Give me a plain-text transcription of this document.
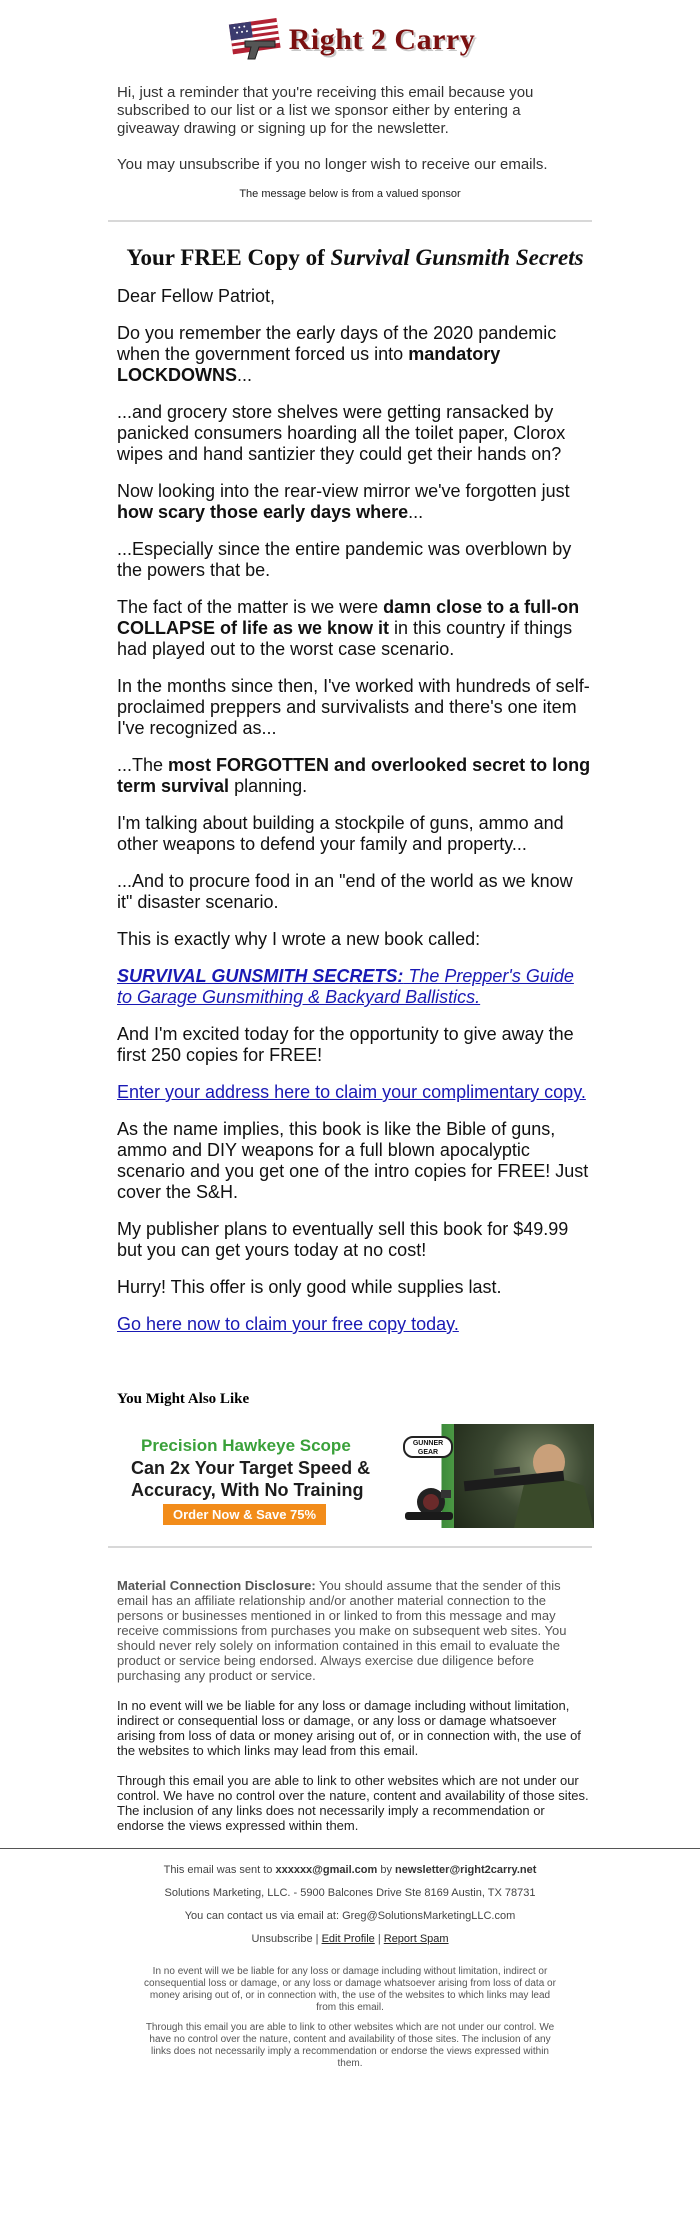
Right 2 Carry

Hi, just a reminder that you're receiving this email because you subscribed to our list or a list we sponsor either by entering a giveaway drawing or signing up for the newsletter.

You may unsubscribe if you no longer wish to receive our emails.

The message below is from a valued sponsor
Your FREE Copy of Survival Gunsmith Secrets

Dear Fellow Patriot,

Do you remember the early days of the 2020 pandemic when the government forced us into mandatory LOCKDOWNS...

...and grocery store shelves were getting ransacked by panicked consumers hoarding all the toilet paper, Clorox wipes and hand santizier they could get their hands on?

Now looking into the rear-view mirror we've forgotten just how scary those early days where...

...Especially since the entire pandemic was overblown by the powers that be.

The fact of the matter is we were damn close to a full-on COLLAPSE of life as we know it in this country if things had played out to the worst case scenario.

In the months since then, I've worked with hundreds of self-proclaimed preppers and survivalists and there's one item I've recognized as...

...The most FORGOTTEN and overlooked secret to long term survival planning.

I'm talking about building a stockpile of guns, ammo and other weapons to defend your family and property...

...And to procure food in an "end of the world as we know it" disaster scenario.

This is exactly why I wrote a new book called:

SURVIVAL GUNSMITH SECRETS: The Prepper's Guide to Garage Gunsmithing & Backyard Ballistics.

And I'm excited today for the opportunity to give away the first 250 copies for FREE!

Enter your address here to claim your complimentary copy.

As the name implies, this book is like the Bible of guns, ammo and DIY weapons for a full blown apocalyptic scenario and you get one of the intro copies for FREE! Just cover the S&H.

My publisher plans to eventually sell this book for $49.99 but you can get yours today at no cost!

Hurry! This offer is only good while supplies last.

Go here now to claim your free copy today.

You Might Also Like
Precision Hawkeye Scope
Can 2x Your Target Speed & Accuracy, With No Training
Order Now & Save 75%
GUNNER GEAR

Material Connection Disclosure: You should assume that the sender of this email has an affiliate relationship and/or another material connection to the persons or businesses mentioned in or linked to from this message and may receive commissions from purchases you make on subsequent web sites. You should never rely solely on information contained in this email to evaluate the product or service being endorsed. Always exercise due diligence before purchasing any product or service.

In no event will we be liable for any loss or damage including without limitation, indirect or consequential loss or damage, or any loss or damage whatsoever arising from loss of data or money arising out of, or in connection with, the use of the websites to which links may lead from this email.

Through this email you are able to link to other websites which are not under our control. We have no control over the nature, content and availability of those sites. The inclusion of any links does not necessarily imply a recommendation or endorse the views expressed within them.

This email was sent to xxxxxx@gmail.com by newsletter@right2carry.net
Solutions Marketing, LLC. - 5900 Balcones Drive Ste 8169 Austin, TX 78731
You can contact us via email at: Greg@SolutionsMarketingLLC.com
Unsubscribe | Edit Profile | Report Spam

In no event will we be liable for any loss or damage including without limitation, indirect or consequential loss or damage, or any loss or damage whatsoever arising from loss of data or money arising out of, or in connection with, the use of the websites to which links may lead from this email.

Through this email you are able to link to other websites which are not under our control. We have no control over the nature, content and availability of those sites. The inclusion of any links does not necessarily imply a recommendation or endorse the views expressed within them.
